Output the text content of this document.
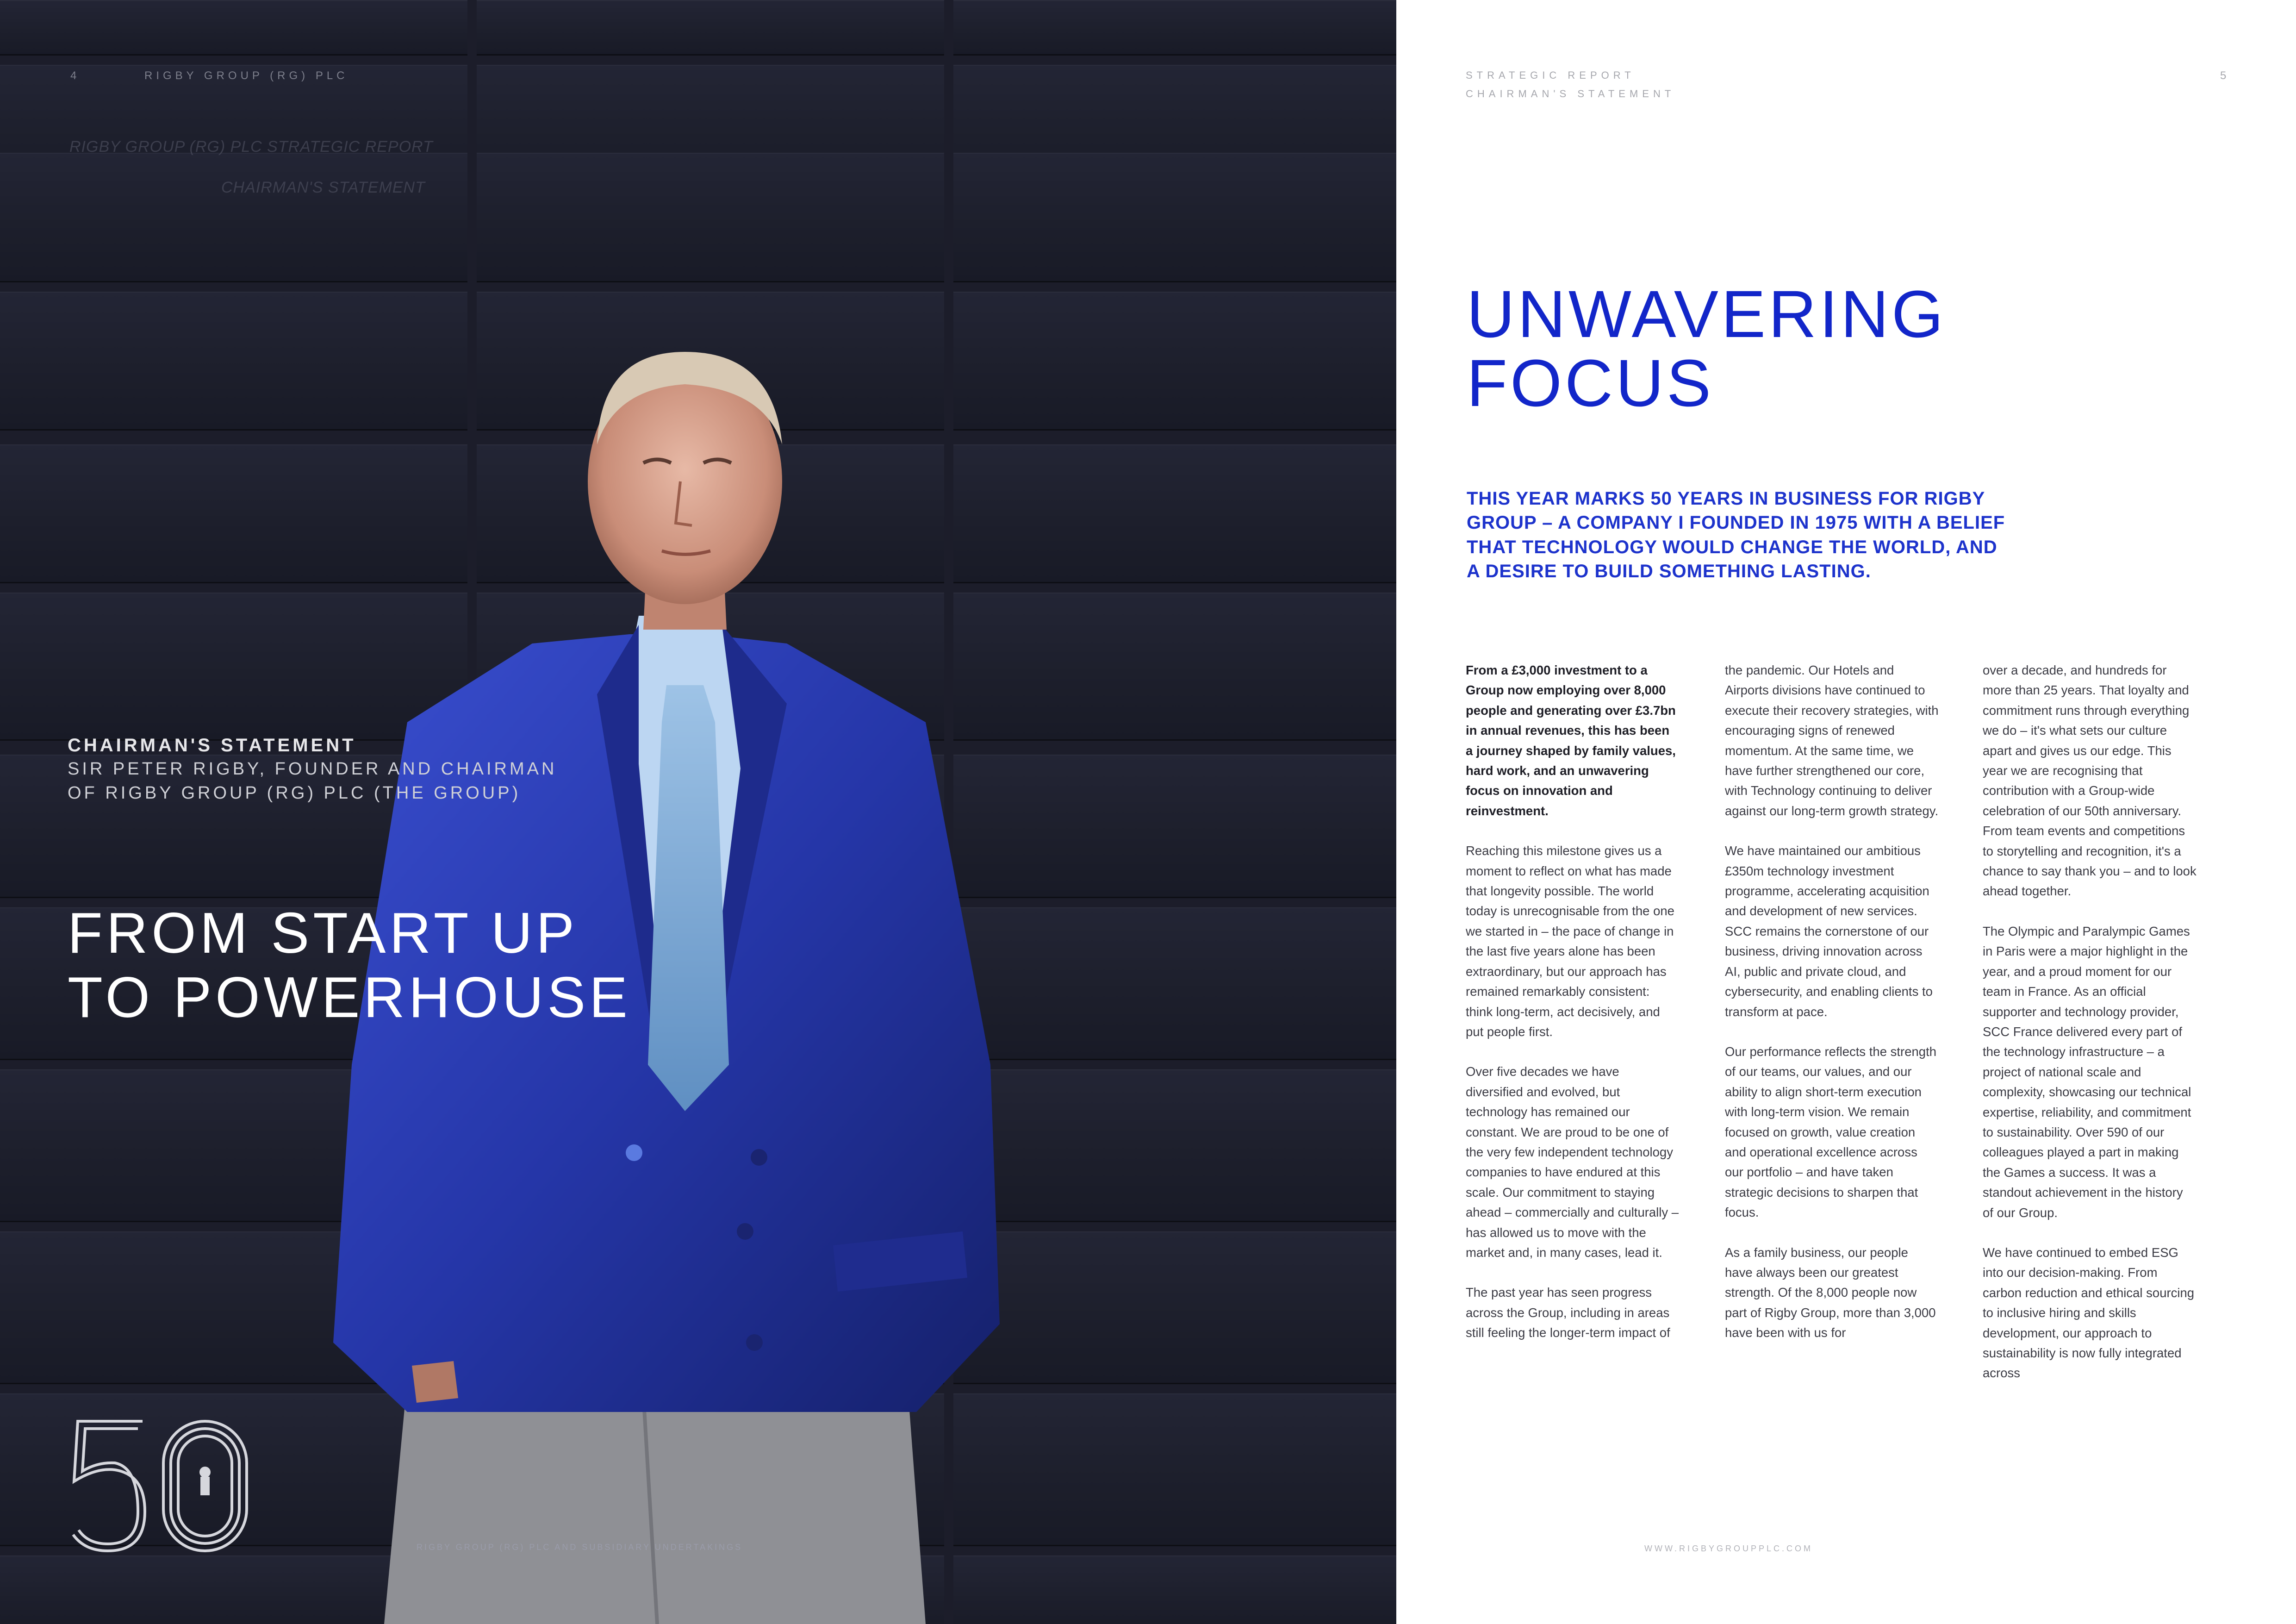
4	RIGBY GROUP (RG) PLC
RIGBY GROUP (RG) PLC STRATEGIC REPORT
CHAIRMAN'S STATEMENT
CHAIRMAN'S STATEMENT
SIR PETER RIGBY, FOUNDER AND CHAIRMAN
OF RIGBY GROUP (RG) PLC (THE GROUP)
FROM START UP
TO POWERHOUSE
RIGBY GROUP (RG) PLC AND SUBSIDIARY UNDERTAKINGS
STRATEGIC REPORT
CHAIRMAN'S STATEMENT
5
UNWAVERING
FOCUS
THIS YEAR MARKS 50 YEARS IN BUSINESS FOR RIGBY
GROUP – A COMPANY I FOUNDED IN 1975 WITH A BELIEF
THAT TECHNOLOGY WOULD CHANGE THE WORLD, AND
A DESIRE TO BUILD SOMETHING LASTING.

From a £3,000 investment to a Group now employing over 8,000 people and generating over £3.7bn in annual revenues, this has been a journey shaped by family values, hard work, and an unwavering focus on innovation and reinvestment.

Reaching this milestone gives us a moment to reflect on what has made that longevity possible. The world today is unrecognisable from the one we started in – the pace of change in the last five years alone has been extraordinary, but our approach has remained remarkably consistent: think long-term, act decisively, and put people first.

Over five decades we have diversified and evolved, but technology has remained our constant. We are proud to be one of the very few independent technology companies to have endured at this scale. Our commitment to staying ahead – commercially and culturally – has allowed us to move with the market and, in many cases, lead it.

The past year has seen progress across the Group, including in areas still feeling the longer-term impact of

the pandemic. Our Hotels and Airports divisions have continued to execute their recovery strategies, with encouraging signs of renewed momentum. At the same time, we have further strengthened our core, with Technology continuing to deliver against our long-term growth strategy.

We have maintained our ambitious £350m technology investment programme, accelerating acquisition and development of new services. SCC remains the cornerstone of our business, driving innovation across AI, public and private cloud, and cybersecurity, and enabling clients to transform at pace.

Our performance reflects the strength of our teams, our values, and our ability to align short-term execution with long-term vision. We remain focused on growth, value creation and operational excellence across our portfolio – and have taken strategic decisions to sharpen that focus.

As a family business, our people have always been our greatest strength. Of the 8,000 people now part of Rigby Group, more than 3,000 have been with us for

over a decade, and hundreds for more than 25 years. That loyalty and commitment runs through everything we do – it's what sets our culture apart and gives us our edge. This year we are recognising that contribution with a Group-wide celebration of our 50th anniversary. From team events and competitions to storytelling and recognition, it's a chance to say thank you – and to look ahead together.

The Olympic and Paralympic Games in Paris were a major highlight in the year, and a proud moment for our team in France. As an official supporter and technology provider, SCC France delivered every part of the technology infrastructure – a project of national scale and complexity, showcasing our technical expertise, reliability, and commitment to sustainability. Over 590 of our colleagues played a part in making the Games a success. It was a standout achievement in the history of our Group.

We have continued to embed ESG into our decision-making. From carbon reduction and ethical sourcing to inclusive hiring and skills development, our approach to sustainability is now fully integrated across

WWW.RIGBYGROUPPLC.COM
